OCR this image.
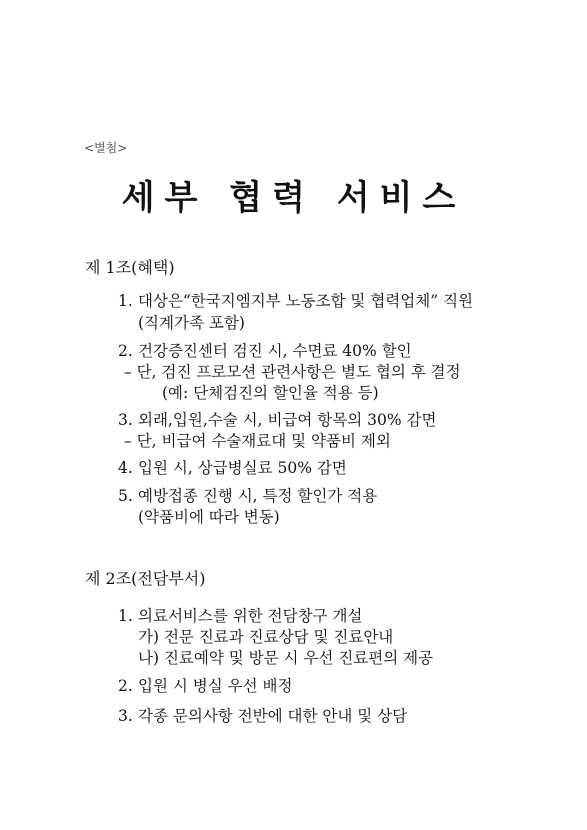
<별첨>
세부 협력 서비스
제 1조(혜택)
1. 대상은“한국지엠지부 노동조합 및 협력업체” 직원
(직계가족 포함)
2. 건강증진센터 검진 시, 수면료 40% 할인
– 단, 검진 프로모션 관련사항은 별도 협의 후 결정
(예: 단체검진의 할인율 적용 등)
3. 외래,입원,수술 시, 비급여 항목의 30% 감면
– 단, 비급여 수술재료대 및 약품비 제외
4. 입원 시, 상급병실료 50% 감면
5. 예방접종 진행 시, 특정 할인가 적용
(약품비에 따라 변동)
제 2조(전담부서)
1. 의료서비스를 위한 전담창구 개설
가) 전문 진료과 진료상담 및 진료안내
나) 진료예약 및 방문 시 우선 진료편의 제공
2. 입원 시 병실 우선 배정
3. 각종 문의사항 전반에 대한 안내 및 상담
